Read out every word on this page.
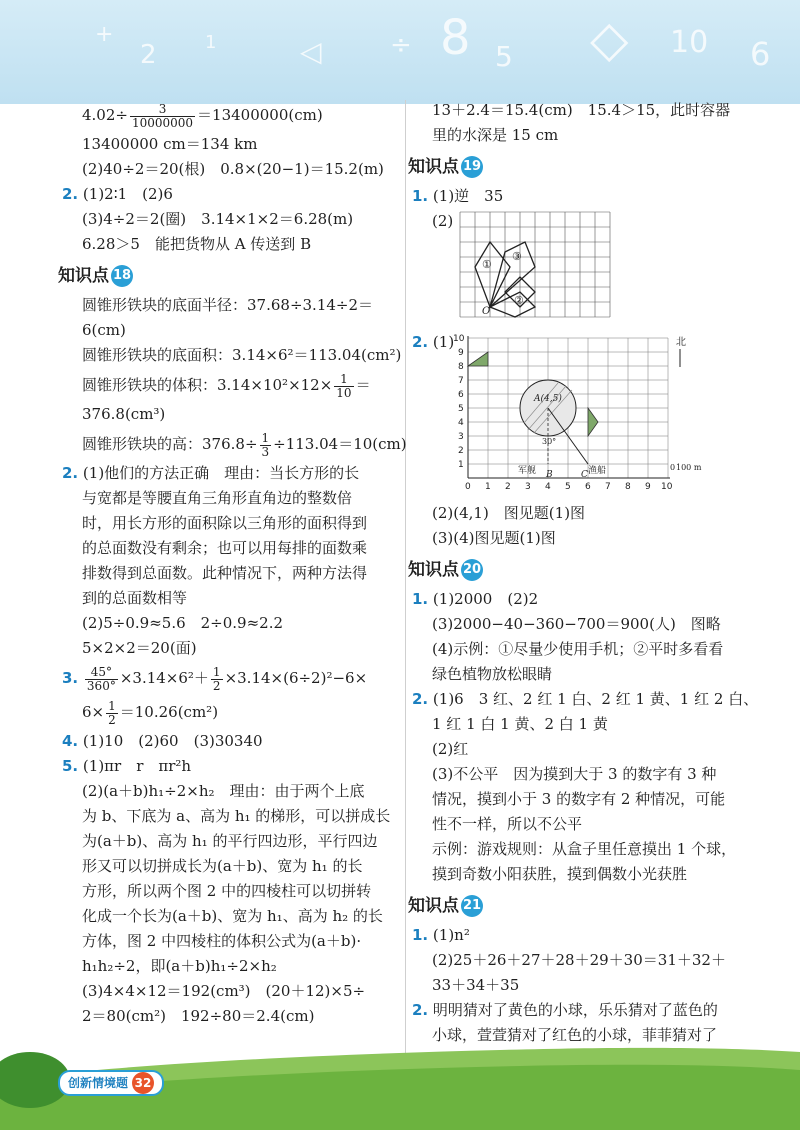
+
2	1	◁	÷ 8 5 ◇ 10 6
$4.02\div \frac{3}{10000000} =13400000(cm)$
13400000 cm＝134 km
(2)40÷2＝20(根)　0.8×(20−1)＝15.2(m)
2. (1)2∶1　(2)6
(3)4÷2＝2(圈)　3.14×1×2＝6.28(m)
6.28＞5　能把货物从 A 传送到 B
知识点 18
圆锥形铁块的底面半径：37.68÷3.14÷2＝
6(cm)
圆锥形铁块的底面积：3.14×6²＝113.04(cm²)
圆锥形铁块的体积：$3.14\times 10^2\times 12\times \frac{1}{10}$ ＝
376.8(cm³)
圆锥形铁块的高：$376.8\div \frac{1}{3} \div 113.04=10(cm)$
2. (1)他们的方法正确　理由：当长方形的长
与宽都是等腰直角三角形直角边的整数倍
时，用长方形的面积除以三角形的面积得到
的总面数没有剩余；也可以用每排的面数乘
排数得到总面数。此种情况下，两种方法得
到的总面数相等
(2)5÷0.9≈5.6　2÷0.9≈2.2
5×2×2＝20(面)
3. $\frac{45^\circ}{360^\circ} \times 3.14\times 6^2+ \frac{1}{2} \times 3.14\times(6\div 2)^2-6\times$
$6\times \frac{1}{2} =10.26(cm^2)$
4. (1)10　(2)60　(3)30340
5. (1)πr　r　πr²h
(2)(a＋b)h₁÷2×h₂　理由：由于两个上底
为 b、下底为 a、高为 h₁ 的梯形，可以拼成长
为(a＋b)、高为 h₁ 的平行四边形，平行四边
形又可以切拼成长为(a＋b)、宽为 h₁ 的长
方形，所以两个图 2 中的四棱柱可以切拼转
化成一个长为(a＋b)、宽为 h₁、高为 h₂ 的长
方体，图 2 中四棱柱的体积公式为(a＋b)·
h₁h₂÷2，即(a＋b)h₁÷2×h₂
(3)4×4×12＝192(cm³)　(20＋12)×5÷
2＝80(cm²)　192÷80＝2.4(cm)
13＋2.4＝15.4(cm)　15.4＞15，此时容器
里的水深是 15 cm
知识点 19
1. (1)逆　35
(2)
①
③
②
O
2. (1)
1
2
3
4
5
6
7
8
9
10
0 1 2 3 4 5 6 7 8 9 10
A(4,5)
30°
军舰 B	渔船
C
北
0 100 m
(2)(4,1)　图见题(1)图
(3)(4)图见题(1)图
知识点 20
1. (1)2000　(2)2
(3)2000−40−360−700＝900(人)　图略
(4)示例：①尽量少使用手机；②平时多看看
绿色植物放松眼睛
2. (1)6　3 红、2 红 1 白、2 红 1 黄、1 红 2 白、
1 红 1 白 1 黄、2 白 1 黄
(2)红
(3)不公平　因为摸到大于 3 的数字有 3 种
情况，摸到小于 3 的数字有 2 种情况，可能
性不一样，所以不公平
示例：游戏规则：从盒子里任意摸出 1 个球，
摸到奇数小阳获胜，摸到偶数小光获胜
知识点 21
1. (1)n²
(2)25＋26＋27＋28＋29＋30＝31＋32＋
33＋34＋35
2. 明明猜对了黄色的小球，乐乐猜对了蓝色的
小球，萱萱猜对了红色的小球，菲菲猜对了
创新情境题 32
